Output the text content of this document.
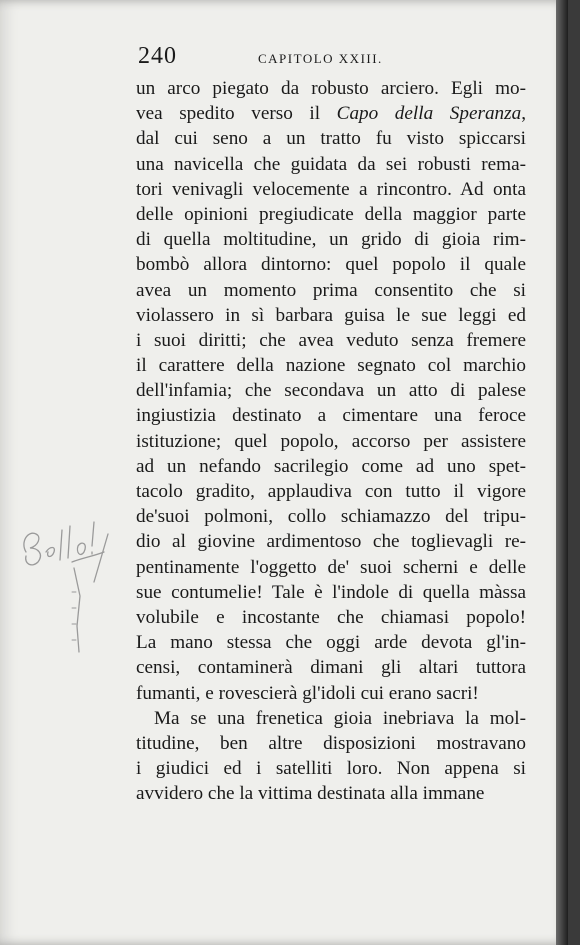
240	CAPITOLO XXIII.
un arco piegato da robusto arciero. Egli mo-
vea spedito verso il Capo della Speranza,
dal cui seno a un tratto fu visto spiccarsi
una navicella che guidata da sei robusti rema-
tori venivagli velocemente a rincontro. Ad onta
delle opinioni pregiudicate della maggior parte
di quella moltitudine, un grido di gioia rim-
bombò allora dintorno: quel popolo il quale
avea un momento prima consentito che si
violassero in sì barbara guisa le sue leggi ed
i suoi diritti; che avea veduto senza fremere
il carattere della nazione segnato col marchio
dell'infamia; che secondava un atto di palese
ingiustizia destinato a cimentare una feroce
istituzione; quel popolo, accorso per assistere
ad un nefando sacrilegio come ad uno spet-
tacolo gradito, applaudiva con tutto il vigore
de'suoi polmoni, collo schiamazzo del tripu-
dio al giovine ardimentoso che toglievagli re-
pentinamente l'oggetto de' suoi scherni e delle
sue contumelie! Tale è l'indole di quella màssa
volubile e incostante che chiamasi popolo!
La mano stessa che oggi arde devota gl'in-
censi, contaminerà dimani gli altari tuttora
fumanti, e rovescierà gl'idoli cui erano sacri!
Ma se una frenetica gioia inebriava la mol-
titudine, ben altre disposizioni mostravano
i giudici ed i satelliti loro. Non appena si
avvidero che la vittima destinata alla immane
